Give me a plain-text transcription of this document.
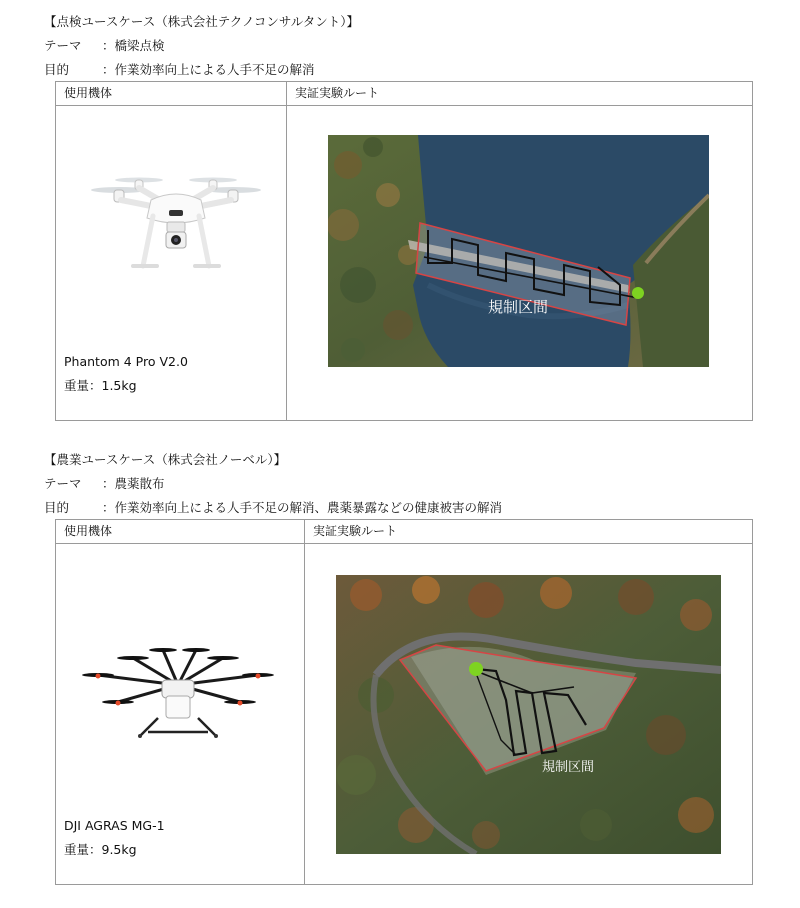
【点検ユースケース（株式会社テクノコンサルタント）】
テーマ ：橋梁点検
目的	：作業効率向上による人手不足の解消
使用機体	実証実験ルート

Phantom 4 Pro V2.0
重量：1.5kg	規制区間
【農業ユースケース（株式会社ノーベル）】
テーマ ：農薬散布
目的	：作業効率向上による人手不足の解消、農薬暴露などの健康被害の解消
使用機体	実証実験ルート

DJI AGRAS MG-1
重量：9.5kg	規制区間
